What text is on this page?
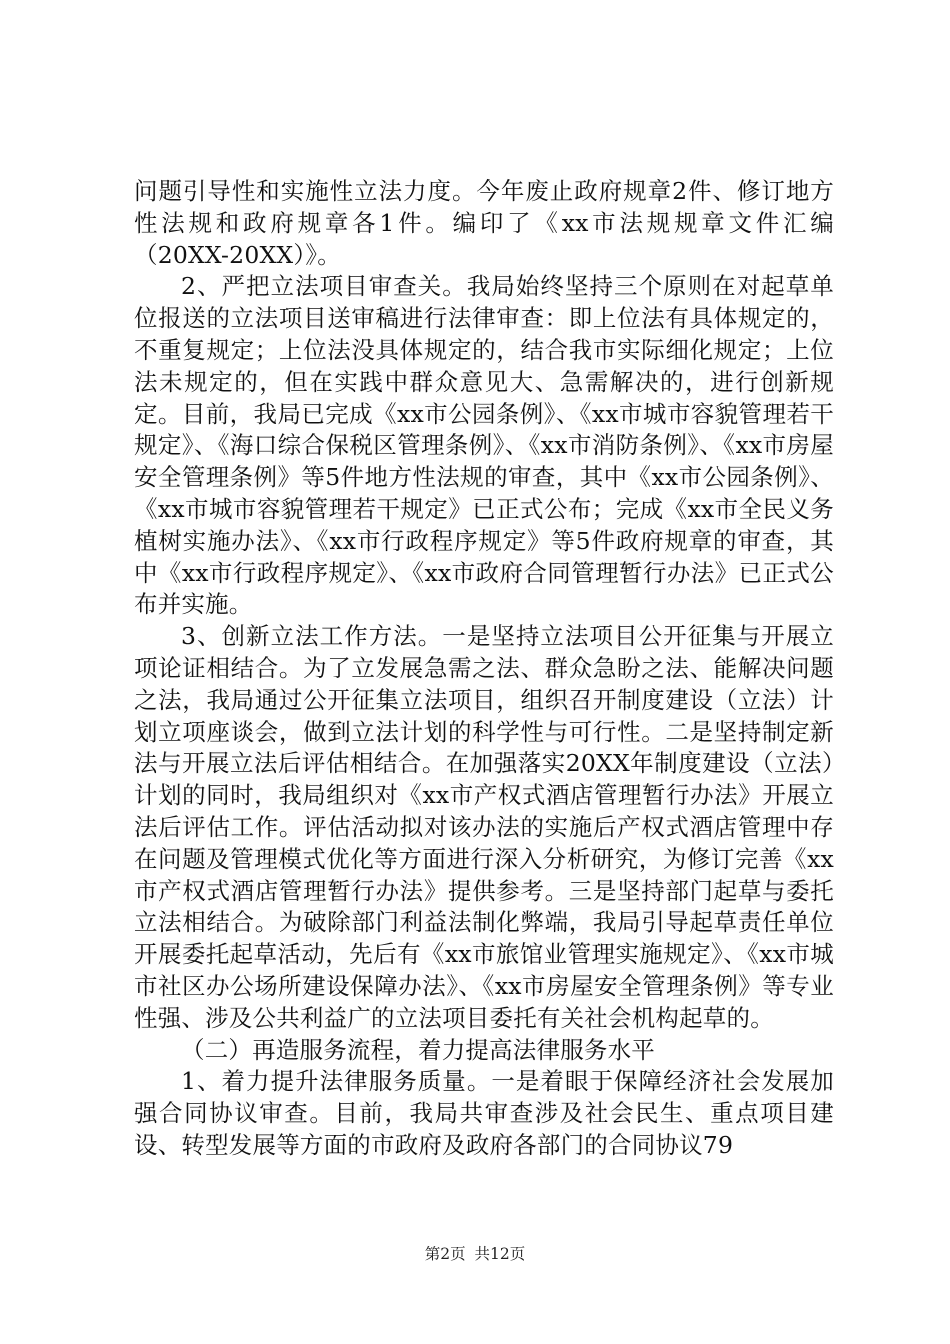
问题引导性和实施性立法力度。今年废止政府规章2件、修订地方性法规和政府规章各1件。编印了《xx市法规规章文件汇编（20XX-20XX）》。

2、严把立法项目审查关。我局始终坚持三个原则在对起草单位报送的立法项目送审稿进行法律审查：即上位法有具体规定的，不重复规定；上位法没具体规定的，结合我市实际细化规定；上位法未规定的，但在实践中群众意见大、急需解决的，进行创新规定。目前，我局已完成《xx市公园条例》、《xx市城市容貌管理若干规定》、《海口综合保税区管理条例》、《xx市消防条例》、《xx市房屋安全管理条例》等5件地方性法规的审查，其中《xx市公园条例》、《xx市城市容貌管理若干规定》已正式公布；完成《xx市全民义务植树实施办法》、《xx市行政程序规定》等5件政府规章的审查，其中《xx市行政程序规定》、《xx市政府合同管理暂行办法》已正式公布并实施。

3、创新立法工作方法。一是坚持立法项目公开征集与开展立项论证相结合。为了立发展急需之法、群众急盼之法、能解决问题之法，我局通过公开征集立法项目，组织召开制度建设（立法）计划立项座谈会，做到立法计划的科学性与可行性。二是坚持制定新法与开展立法后评估相结合。在加强落实20XX年制度建设（立法）计划的同时，我局组织对《xx市产权式酒店管理暂行办法》开展立法后评估工作。评估活动拟对该办法的实施后产权式酒店管理中存在问题及管理模式优化等方面进行深入分析研究，为修订完善《xx市产权式酒店管理暂行办法》提供参考。三是坚持部门起草与委托立法相结合。为破除部门利益法制化弊端，我局引导起草责任单位开展委托起草活动，先后有《xx市旅馆业管理实施规定》、《xx市城市社区办公场所建设保障办法》、《xx市房屋安全管理条例》等专业性强、涉及公共利益广的立法项目委托有关社会机构起草的。

（二）再造服务流程，着力提高法律服务水平

1、着力提升法律服务质量。一是着眼于保障经济社会发展加强合同协议审查。目前，我局共审查涉及社会民生、重点项目建设、转型发展等方面的市政府及政府各部门的合同协议79

第2页 共12页
